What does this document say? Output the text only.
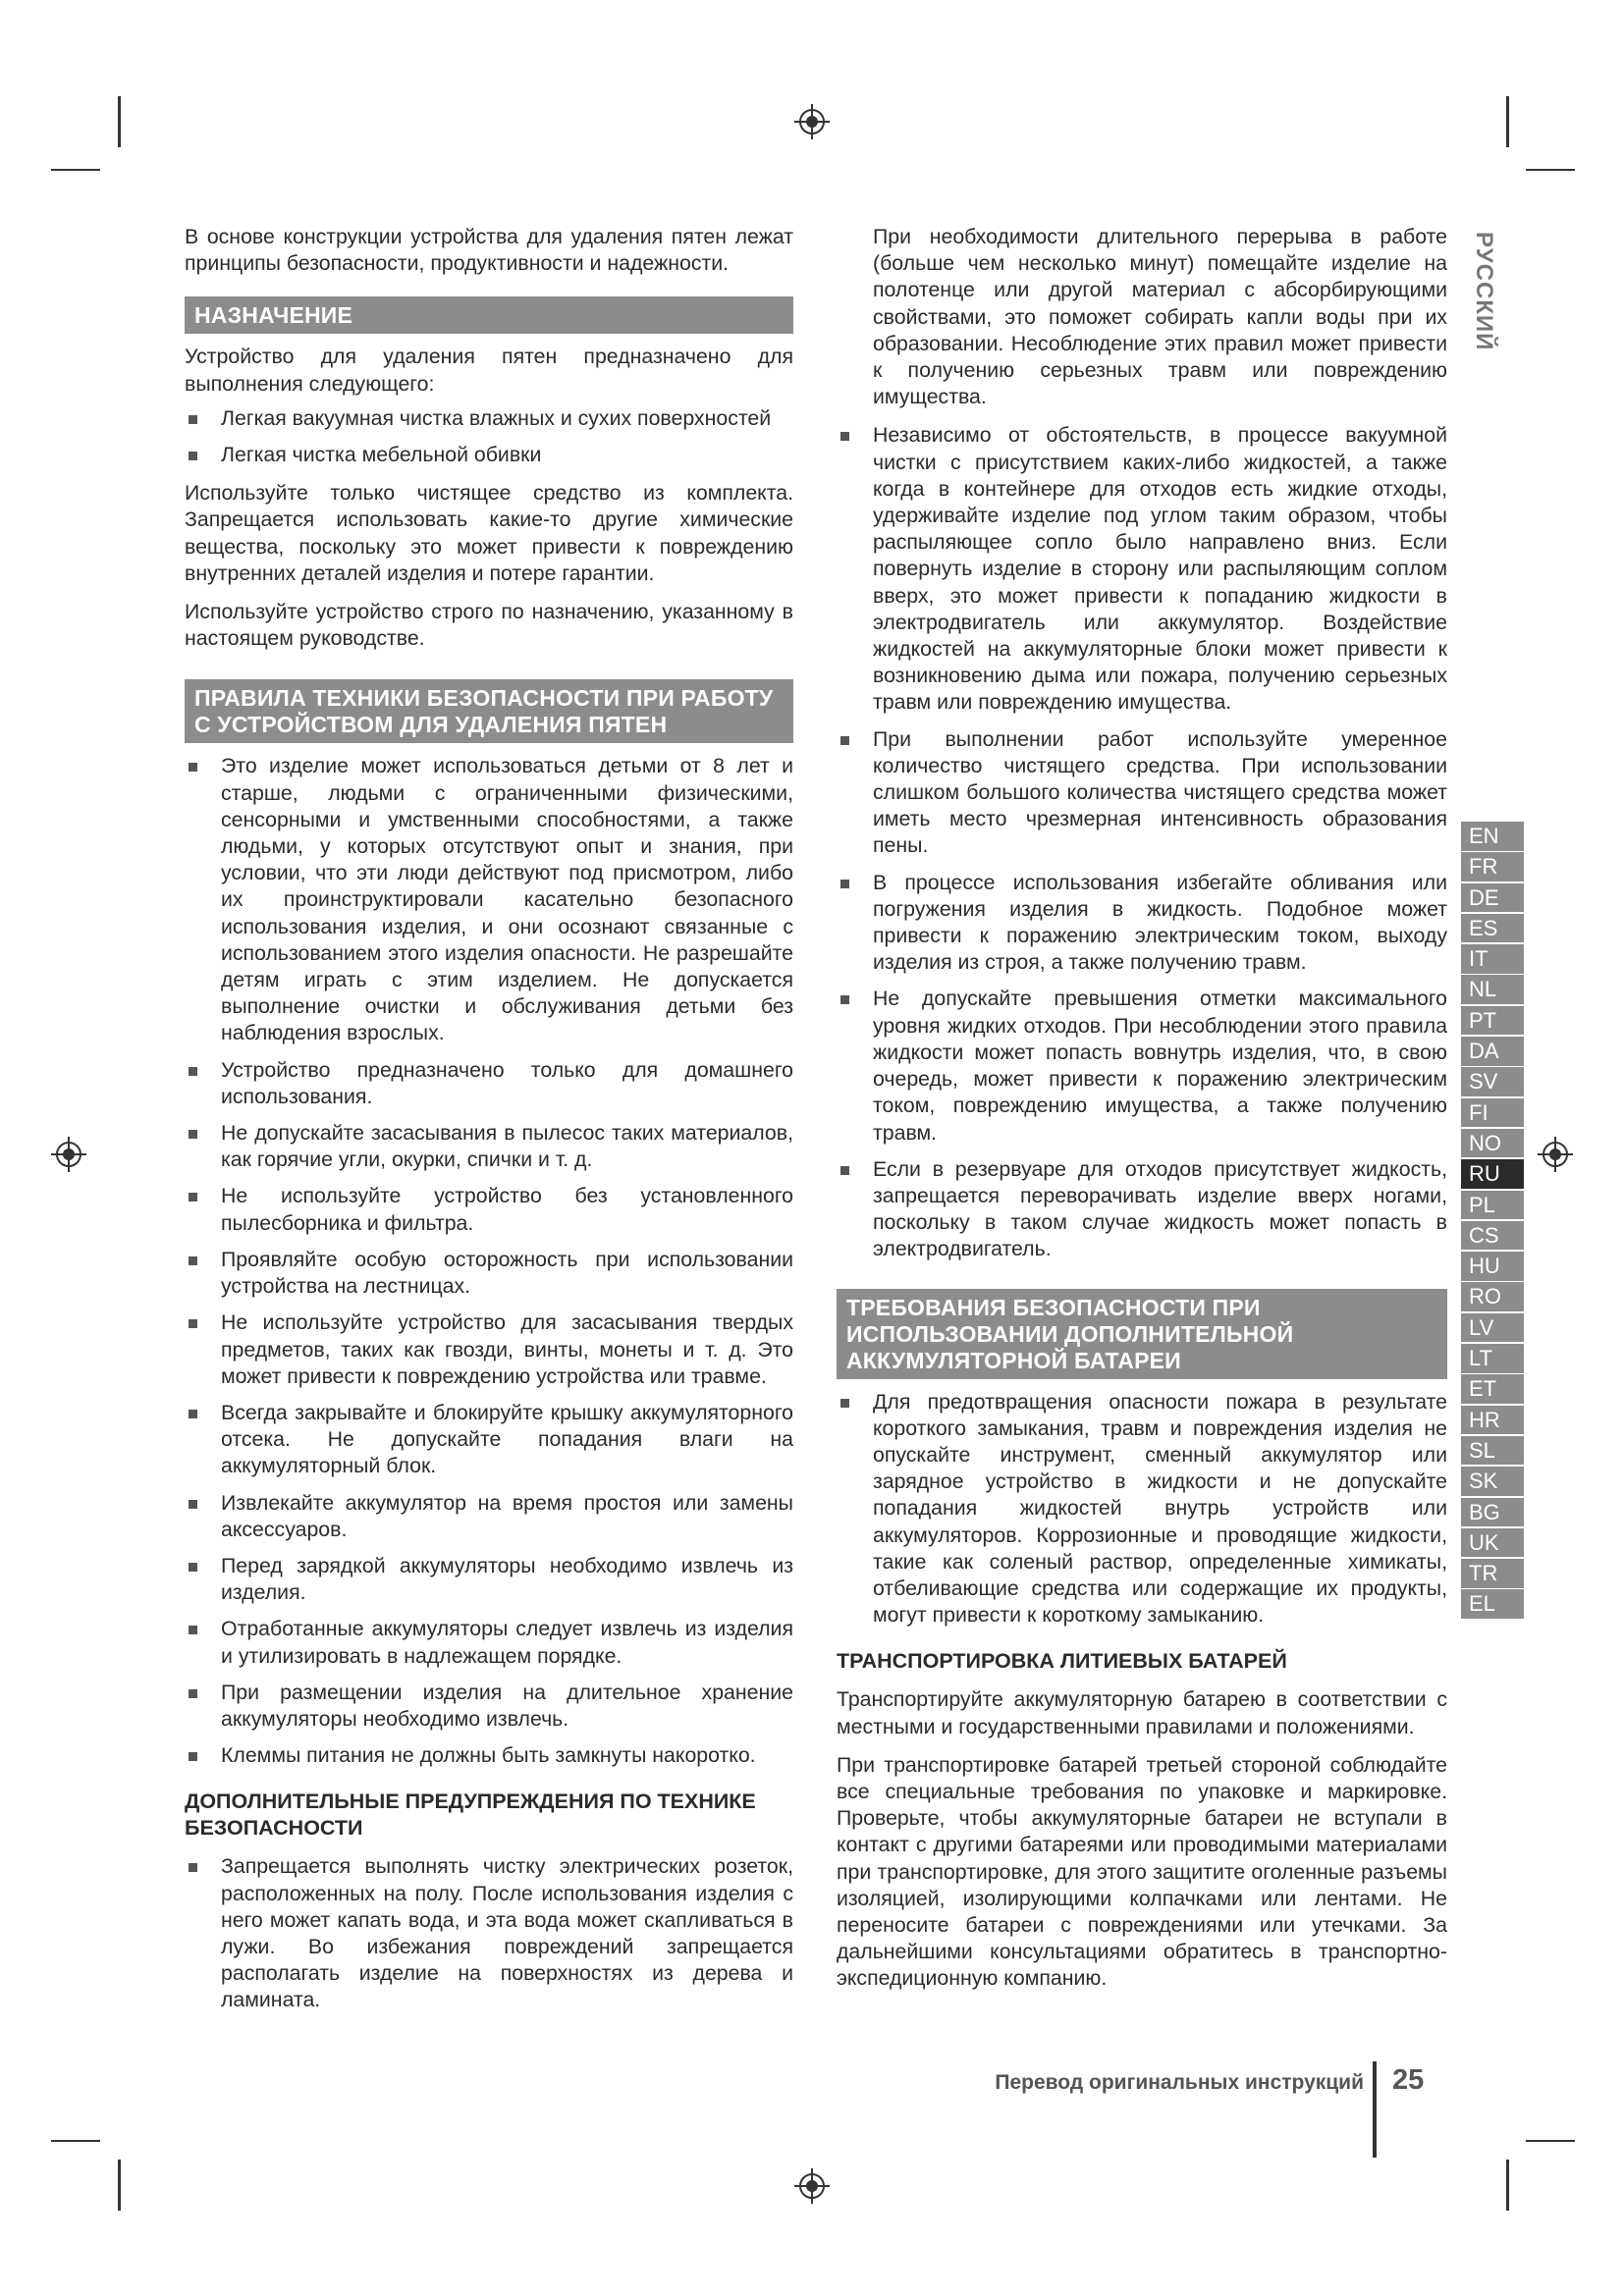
РУССКИЙ
EN
FR
DE
ES
IT
NL
PT
DA
SV
FI
NO
RU
PL
CS
HU
RO
LV
LT
ET
HR
SL
SK
BG
UK
TR
EL

В основе конструкции устройства для удаления пятен лежат принципы безопасности, продуктивности и надежности.

НАЗНАЧЕНИЕ

Устройство для удаления пятен предназначено для выполнения следующего:

Легкая вакуумная чистка влажных и сухих поверхностей
Легкая чистка мебельной обивки

Используйте только чистящее средство из комплекта. Запрещается использовать какие-то другие химические вещества, поскольку это может привести к повреждению внутренних деталей изделия и потере гарантии.

Используйте устройство строго по назначению, указанному в настоящем руководстве.

ПРАВИЛА ТЕХНИКИ БЕЗОПАСНОСТИ ПРИ РАБОТУ С УСТРОЙСТВОМ ДЛЯ УДАЛЕНИЯ ПЯТЕН
Это изделие может использоваться детьми от 8 лет и старше, людьми с ограниченными физическими, сенсорными и умственными способностями, а также людьми, у которых отсутствуют опыт и знания, при условии, что эти люди действуют под присмотром, либо их проинструктировали касательно безопасного использования изделия, и они осознают связанные с использованием этого изделия опасности. Не разрешайте детям играть с этим изделием. Не допускается выполнение очистки и обслуживания детьми без наблюдения взрослых.
Устройство предназначено только для домашнего использования.
Не допускайте засасывания в пылесос таких материалов, как горячие угли, окурки, спички и т. д.
Не используйте устройство без установленного пылесборника и фильтра.
Проявляйте особую осторожность при использовании устройства на лестницах.
Не используйте устройство для засасывания твердых предметов, таких как гвозди, винты, монеты и т. д. Это может привести к повреждению устройства или травме.
Всегда закрывайте и блокируйте крышку аккумуляторного отсека. Не допускайте попадания влаги на аккумуляторный блок.
Извлекайте аккумулятор на время простоя или замены аксессуаров.
Перед зарядкой аккумуляторы необходимо извлечь из изделия.
Отработанные аккумуляторы следует извлечь из изделия и утилизировать в надлежащем порядке.
При размещении изделия на длительное хранение аккумуляторы необходимо извлечь.
Клеммы питания не должны быть замкнуты накоротко.
ДОПОЛНИТЕЛЬНЫЕ ПРЕДУПРЕЖДЕНИЯ ПО ТЕХНИКЕ БЕЗОПАСНОСТИ
Запрещается выполнять чистку электрических розеток, расположенных на полу. После использования изделия с него может капать вода, и эта вода может скапливаться в лужи. Во избежания повреждений запрещается располагать изделие на поверхностях из дерева и ламината.

При необходимости длительного перерыва в работе (больше чем несколько минут) помещайте изделие на полотенце или другой материал с абсорбирующими свойствами, это поможет собирать капли воды при их образовании. Несоблюдение этих правил может привести к получению серьезных травм или повреждению имущества.

Независимо от обстоятельств, в процессе вакуумной чистки с присутствием каких-либо жидкостей, а также когда в контейнере для отходов есть жидкие отходы, удерживайте изделие под углом таким образом, чтобы распыляющее сопло было направлено вниз. Если повернуть изделие в сторону или распыляющим соплом вверх, это может привести к попаданию жидкости в электродвигатель или аккумулятор. Воздействие жидкостей на аккумуляторные блоки может привести к возникновению дыма или пожара, получению серьезных травм или повреждению имущества.
При выполнении работ используйте умеренное количество чистящего средства. При использовании слишком большого количества чистящего средства может иметь место чрезмерная интенсивность образования пены.
В процессе использования избегайте обливания или погружения изделия в жидкость. Подобное может привести к поражению электрическим током, выходу изделия из строя, а также получению травм.
Не допускайте превышения отметки максимального уровня жидких отходов. При несоблюдении этого правила жидкости может попасть вовнутрь изделия, что, в свою очередь, может привести к поражению электрическим током, повреждению имущества, а также получению травм.
Если в резервуаре для отходов присутствует жидкость, запрещается переворачивать изделие вверх ногами, поскольку в таком случае жидкость может попасть в электродвигатель.
ТРЕБОВАНИЯ БЕЗОПАСНОСТИ ПРИ ИСПОЛЬЗОВАНИИ ДОПОЛНИТЕЛЬНОЙ АККУМУЛЯТОРНОЙ БАТАРЕИ
Для предотвращения опасности пожара в результате короткого замыкания, травм и повреждения изделия не опускайте инструмент, сменный аккумулятор или зарядное устройство в жидкости и не допускайте попадания жидкостей внутрь устройств или аккумуляторов. Коррозионные и проводящие жидкости, такие как соленый раствор, определенные химикаты, отбеливающие средства или содержащие их продукты, могут привести к короткому замыканию.
ТРАНСПОРТИРОВКА ЛИТИЕВЫХ БАТАРЕЙ

Транспортируйте аккумуляторную батарею в соответствии с местными и государственными правилами и положениями.

При транспортировке батарей третьей стороной соблюдайте все специальные требования по упаковке и маркировке. Проверьте, чтобы аккумуляторные батареи не вступали в контакт с другими батареями или проводимыми материалами при транспортировке, для этого защитите оголенные разъемы изоляцией, изолирующими колпачками или лентами. Не переносите батареи с повреждениями или утечками. За дальнейшими консультациями обратитесь в транспортно-экспедиционную компанию.

Перевод оригинальных инструкций 25
